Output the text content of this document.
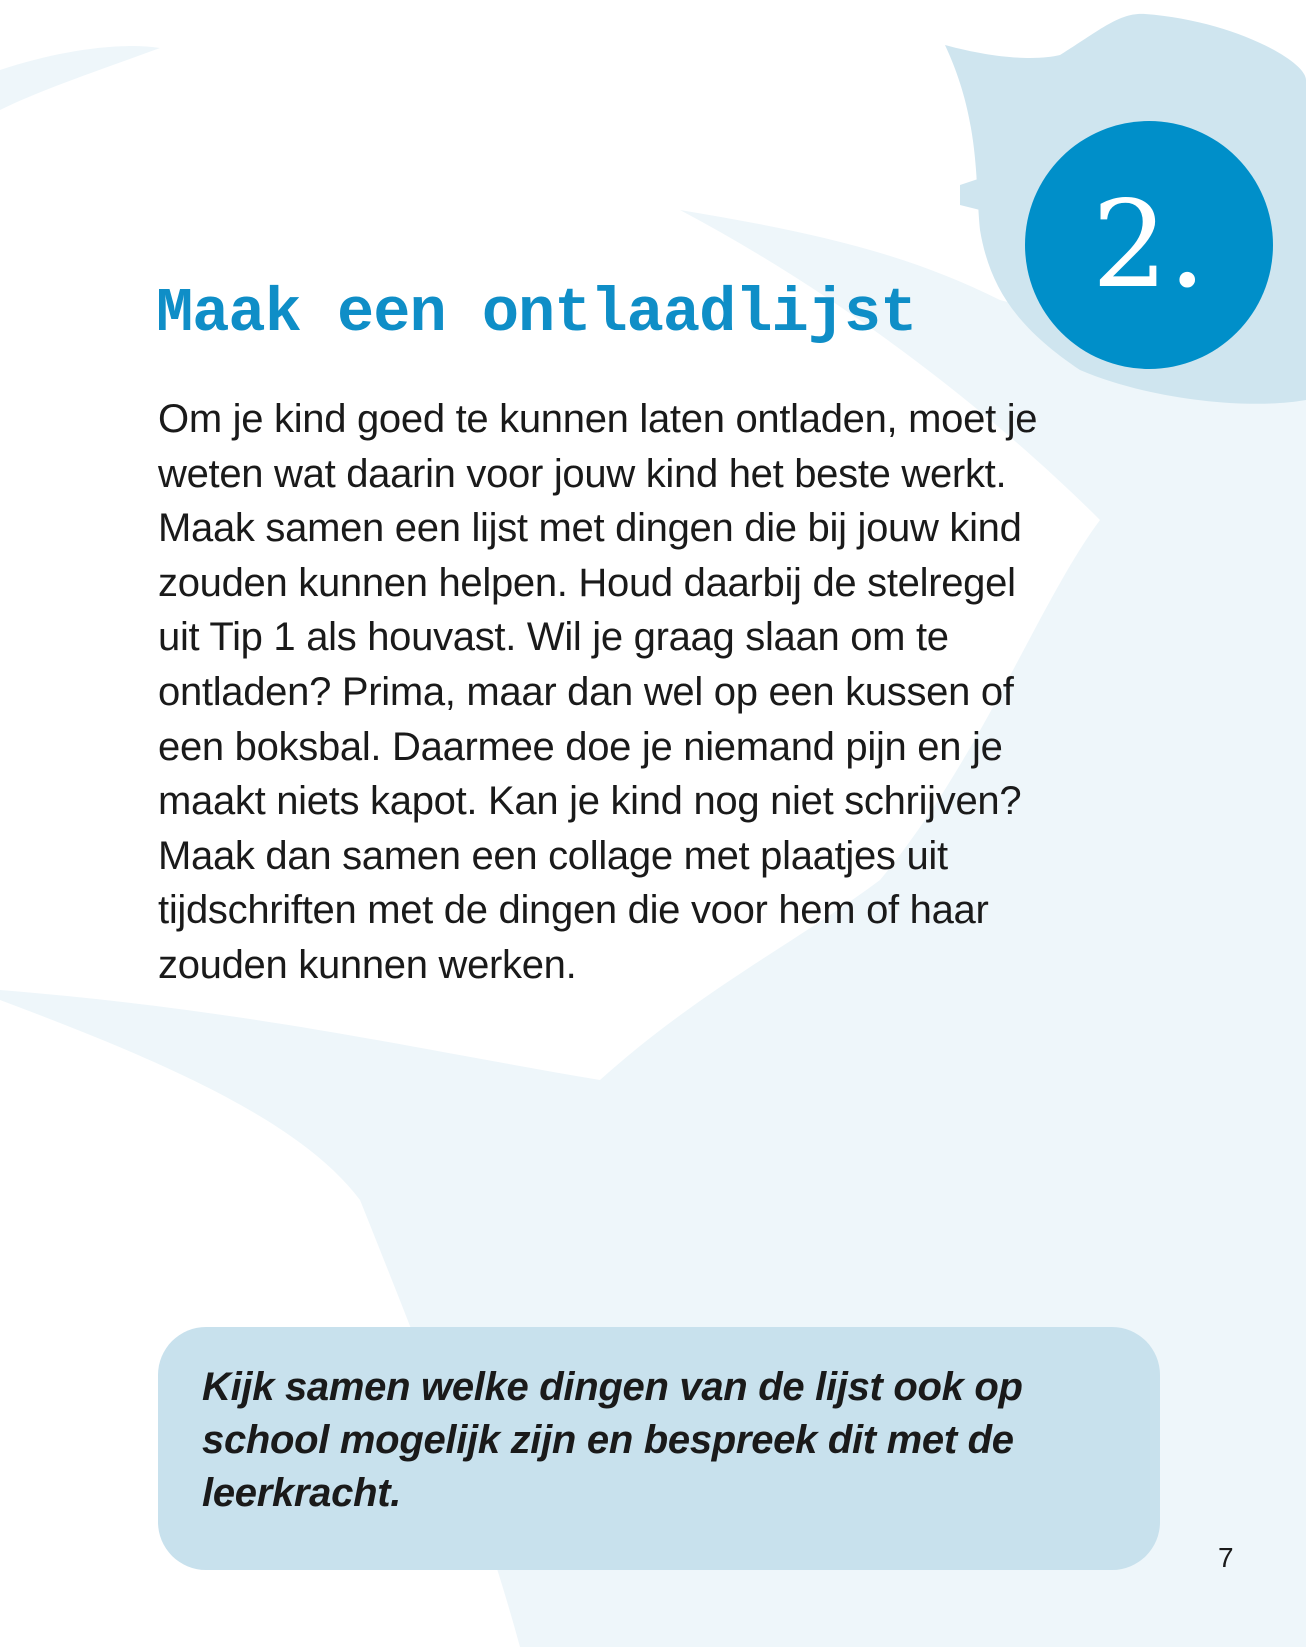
Maak een ontlaadlijst 2.
Om je kind goed te kunnen laten ontladen, moet je
weten wat daarin voor jouw kind het beste werkt.
Maak samen een lijst met dingen die bij jouw kind
zouden kunnen helpen. Houd daarbij de stelregel
uit Tip 1 als houvast. Wil je graag slaan om te
ontladen? Prima, maar dan wel op een kussen of
een boksbal. Daarmee doe je niemand pijn en je
maakt niets kapot. Kan je kind nog niet schrijven?
Maak dan samen een collage met plaatjes uit
tijdschriften met de dingen die voor hem of haar
zouden kunnen werken.
Kijk samen welke dingen van de lijst ook op
school mogelijk zijn en bespreek dit met de
leerkracht.
7
